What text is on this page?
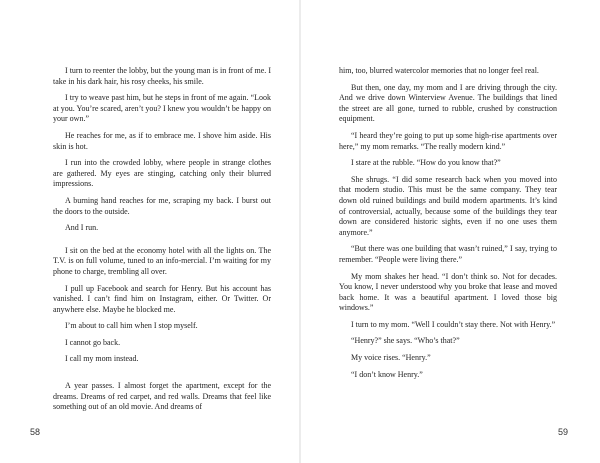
I turn to reenter the lobby, but the young man is in front of me. I take in his dark hair, his rosy cheeks, his smile.

I try to weave past him, but he steps in front of me again. “Look at you. You’re scared, aren’t you? I knew you wouldn’t be happy on your own.”

He reaches for me, as if to embrace me. I shove him aside. His skin is hot.

I run into the crowded lobby, where people in strange clothes are gathered. My eyes are stinging, catching only their blurred impressions.

A burning hand reaches for me, scraping my back. I burst out the doors to the outside.

And I run.

I sit on the bed at the economy hotel with all the lights on. The T.V. is on full volume, tuned to an info-mercial. I’m waiting for my phone to charge, trembling all over.

I pull up Facebook and search for Henry. But his account has vanished. I can’t find him on Instagram, either. Or Twitter. Or anywhere else. Maybe he blocked me.

I’m about to call him when I stop myself.

I cannot go back.

I call my mom instead.

A year passes. I almost forget the apartment, except for the dreams. Dreams of red carpet, and red walls. Dreams that feel like something out of an old movie. And dreams of

58

him, too, blurred watercolor memories that no longer feel real.

But then, one day, my mom and I are driving through the city. And we drive down Winterview Avenue. The buildings that lined the street are all gone, turned to rubble, crushed by construction equipment.

“I heard they’re going to put up some high-rise apartments over here,” my mom remarks. “The really modern kind.”

I stare at the rubble. “How do you know that?”

She shrugs. “I did some research back when you moved into that modern studio. This must be the same company. They tear down old ruined buildings and build modern apartments. It’s kind of controversial, actually, because some of the buildings they tear down are considered historic sights, even if no one uses them anymore.”

“But there was one building that wasn’t ruined,” I say, trying to remember. “People were living there.”

My mom shakes her head. “I don’t think so. Not for decades. You know, I never understood why you broke that lease and moved back home. It was a beautiful apartment. I loved those big windows.”

I turn to my mom. “Well I couldn’t stay there. Not with Henry.”

“Henry?” she says. “Who’s that?”

My voice rises. “Henry.”

“I don’t know Henry.”

59
